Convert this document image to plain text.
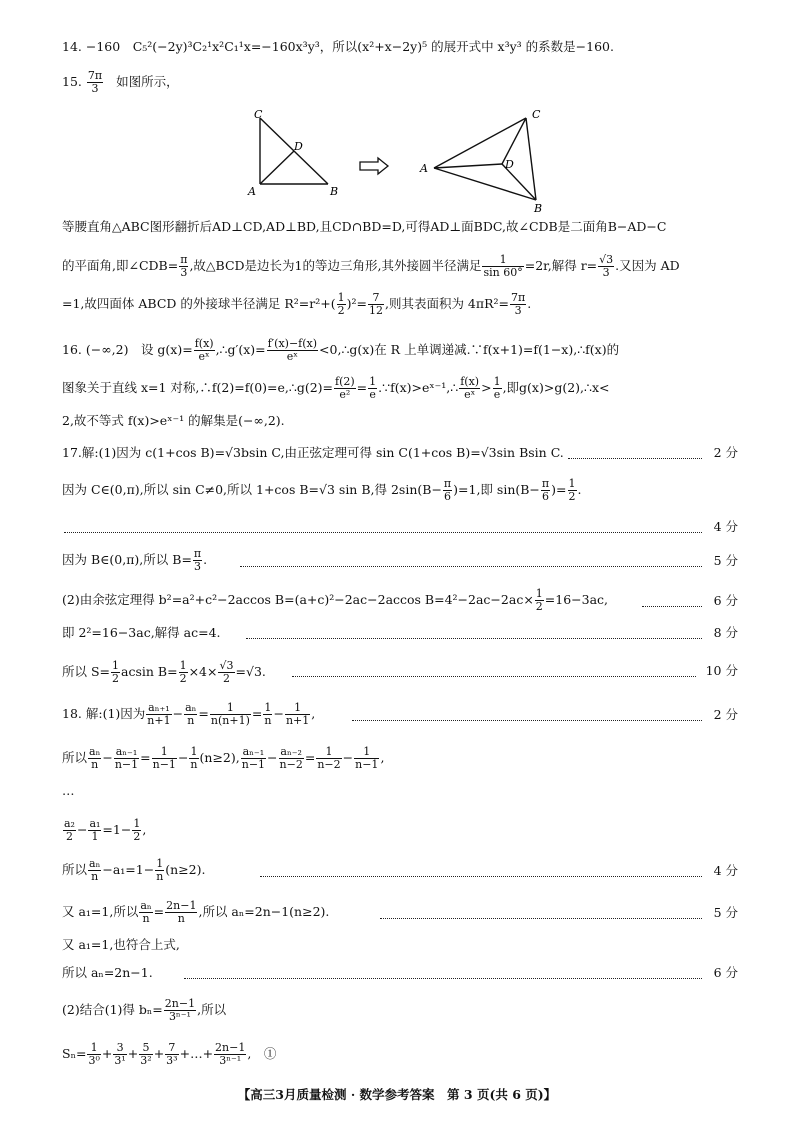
14. −160　C₅²(−2y)³C₂¹x²C₁¹x=−160x³y³，所以(x²+x−2y)⁵ 的展开式中 x³y³ 的系数是−160.
15. $\frac{7\pi}{3}$ 如图所示，
C
D
A	B
A
C
D
B
等腰直角△ABC图形翻折后AD⊥CD,AD⊥BD,且CD∩BD=D,可得AD⊥面BDC,故∠CDB是二面角B−AD−C
的平面角,即∠CDB= $\frac{\pi}{3}$ ,故△BCD是边长为1的等边三角形,其外接圆半径满足 $\frac{1}{\sin 60^\circ} =2r$,解得 $r= \frac{√3}{3}$ .又因为 AD
=1,故四面体 ABCD 的外接球半径满足 $R^2=r^2+( \frac{1}{2} )^2= \frac{7}{12}$ ,则其表面积为 $4\pi R^2= \frac{7\pi}{3}$ .
16. (−∞,2)　设 $g(x)= \frac{f(x)}{\text{eˣ}}$ ,∴g′(x)= $\frac{f'(x)-f(x)}{\text{eˣ}}$ <0,∴g(x)在 R 上单调递减.∵f(x+1)=f(1−x),∴f(x)的
图象关于直线 x=1 对称,∴f(2)=f(0)=e,∴g(2)= $\frac{f(2)}{\text{e²}} = \frac{1}{e}$ .∵f(x)>eˣ⁻¹,∴ $\frac{f(x)}{\text{eˣ}} > \frac{1}{e}$ ,即g(x)>g(2),∴x<
2,故不等式 f(x)>eˣ⁻¹ 的解集是(−∞,2).
17.解:(1)因为 c(1+cos B)=√3bsin C,由正弦定理可得 sin C(1+cos B)=√3sin Bsin C.	2 分
因为 C∈(0,π),所以 sin C≠0,所以 1+cos B=√3 sin B,得 $2\sin(B- \frac{\pi}{6} )=1$,即 $\sin(B- \frac{\pi}{6}$ )= $\frac{1}{2}$ .
4 分
因为 B∈(0,π),所以 $B= \frac{\pi}{3}$ .	5 分
(2)由余弦定理得 b²=a²+c²−2accos B=(a+c)²−2ac−2accos $B=4^2-2ac-2ac\times \frac{1}{2} =16-3ac$,	6 分
即 2²=16−3ac,解得 ac=4.	8 分
所以 $S= \frac{1}{2}$ acsin $B= \frac{1}{2} \times 4\times \frac{√3}{2} =√3$.	10 分
18. 解:(1)因为 $\frac{\text{aₙ₊₁}}{n+1} - \frac{\text{aₙ}}{n} = \frac{1}{n(n+1)} = \frac{1}{n} - \frac{1}{n+1}$ ,	2 分
所以 $\frac{\text{aₙ}}{n} - \frac{\text{aₙ₋₁}}{n-1} = \frac{1}{n-1} - \frac{1}{n} (n\ge 2)$, $\frac{\text{aₙ₋₁}}{n-1} - \frac{\text{aₙ₋₂}}{n-2} = \frac{1}{n-2} - \frac{1}{n-1}$ ,
…
$\frac{\text{a₂}}{2} - \frac{\text{a₁}}{1} =1- \frac{1}{2}$ ,
所以 $\frac{\text{aₙ}}{n} -a_1=1- \frac{1}{n} (n\ge 2)$.	4 分
又 a₁=1,所以 $\frac{\text{aₙ}}{n} = \frac{2n-1}{n}$ ,所以 aₙ=2n−1(n≥2).	5 分
又 a₁=1,也符合上式,
所以 aₙ=2n−1.	6 分
(2)结合(1)得 $b_n= \frac{2n-1}{\text{3ⁿ⁻¹}}$ ,所以
$S_n= \frac{1}{\text{3⁰}} + \frac{3}{\text{3¹}} + \frac{5}{\text{3²}} + \frac{7}{\text{3³}}$ +…+ $\frac{2n-1}{\text{3ⁿ⁻¹}}$ ,　①
【高三3月质量检测 · 数学参考答案　第 3 页(共 6 页)】
